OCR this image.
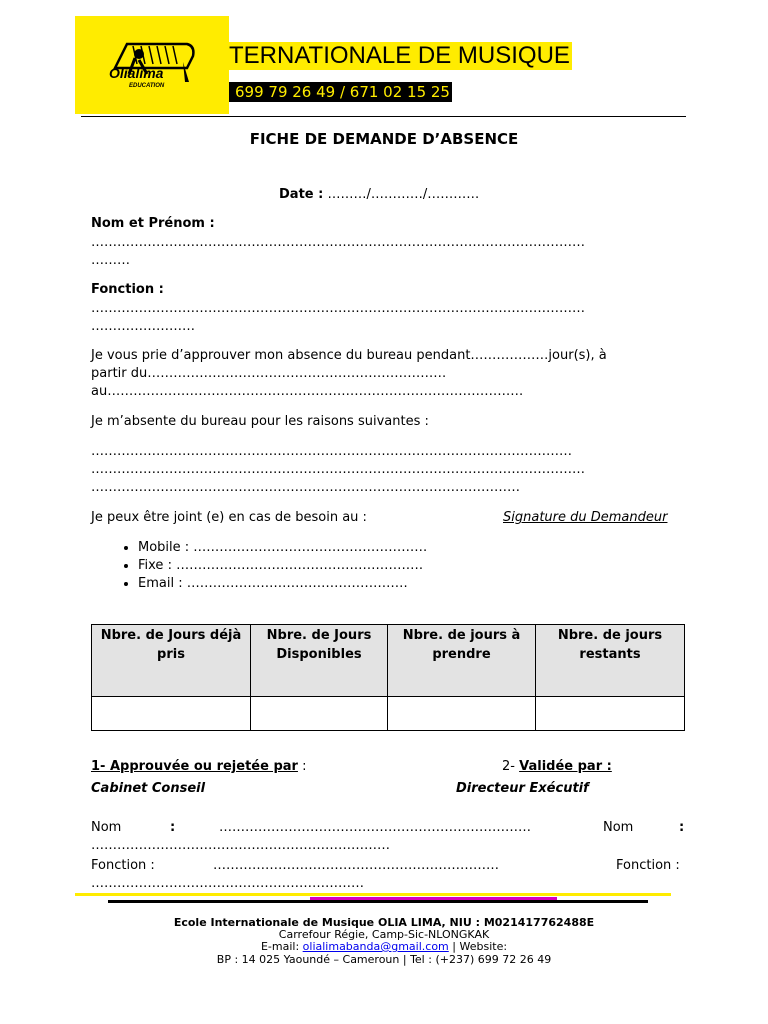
Olialima
EDUCATION
TERNATIONALE DE MUSIQUE
699 79 26 49 / 671 02 15 25
FICHE DE DEMANDE D’ABSENCE
Date : ………/…………/…………
Nom et Prénom :
……………………………………………………………………………………………………
………
Fonction :
……………………………………………………………………………………………………
……………………
Je vous prie d’approuver mon absence du bureau pendant………………jour(s), à
partir du……………………………………………………………
au……………………………………………………………………………………
Je m’absente du bureau pour les raisons suivantes :
…………………………………………………………………………………………………
……………………………………………………………………………………………………
………………………………………………………………………………………
Je peux être joint (e) en cas de besoin au :	Signature du Demandeur
• Mobile : ………………………………………………
• Fixe : …………………………………………………
• Email : ……………………………………………
Nbre. de Jours déjà pris	Nbre. de Jours Disponibles	Nbre. de jours à prendre	Nbre. de jours restants

1- Approuvée ou rejetée par :	2- Validée par :
Cabinet Conseil	Directeur Exécutif
Nom	:	………………………………………………………………	Nom	:
……………………………………………………………
Fonction :	…………………………………………………………	Fonction :
………………………………………………………
Ecole Internationale de Musique OLIA LIMA, NIU : M021417762488E
Carrefour Régie, Camp-Sic-NLONGKAK
E-mail: olialimabanda@gmail.com | Website:
BP : 14 025 Yaoundé – Cameroun | Tel : (+237) 699 72 26 49
